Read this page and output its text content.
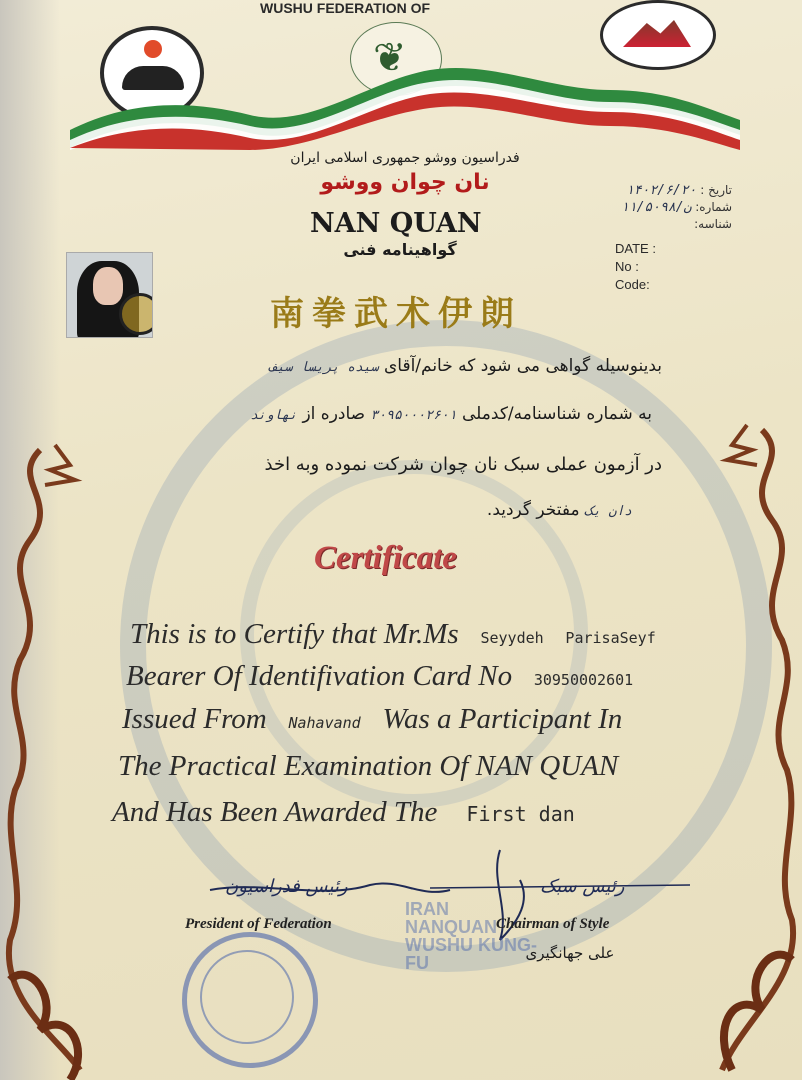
WUSHU FEDERATION OF
❦
فدراسیون ووشو جمهوری اسلامی ایران
نان چوان ووشو
NAN QUAN
گواهینامه فنی
南拳武术伊朗
تاریخ : ۱۴۰۲/۶/۲۰
شماره: ن/۱۱/۵۰۹۸
شناسه:
DATE :
No :
Code:
بدینوسیله گواهی می شود که خانم/آقای سیده پریسا سیف
به شماره شناسنامه/کدملی ۳۰۹۵۰۰۰۲۶۰۱ صادره از نهاوند
در آزمون عملی سبک نان چوان شرکت نموده وبه اخذ
دان یک مفتخر گردید.
Certificate
This is to Certify that Mr.Ms Seyydeh ParisaSeyf
Bearer Of Identifivation Card No 30950002601
Issued From Nahavand Was a Participant In
The Practical Examination Of NAN QUAN
And Has Been Awarded The First dan
رئیس فدراسیون	رئیس سبک
President of Federation	Chairman of Style
علی جهانگیری
IRAN NANQUAN WUSHU KUNG-FU
